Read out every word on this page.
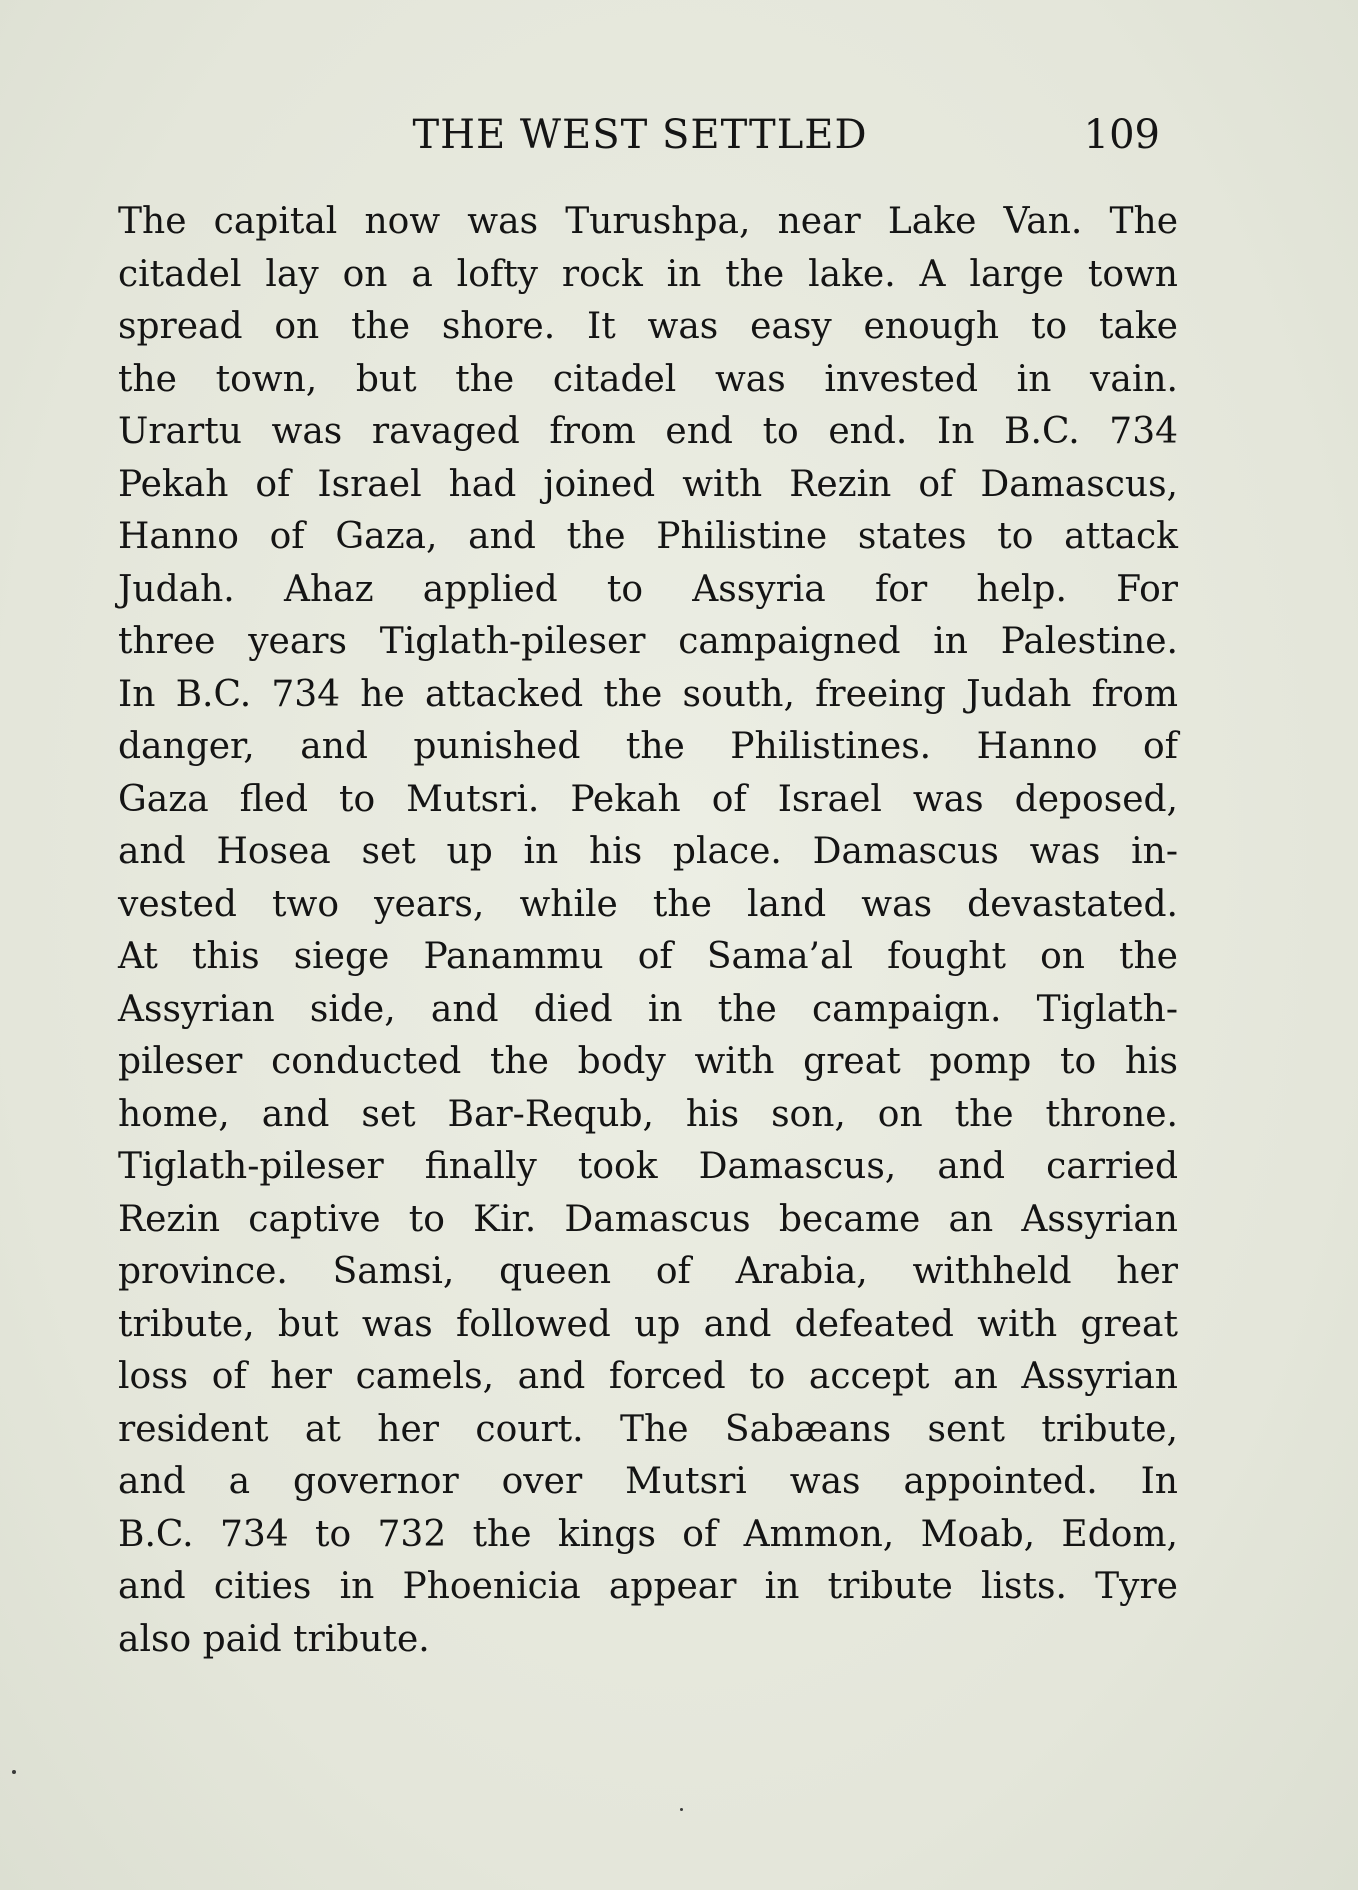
THE WEST SETTLED	109
The capital now was Turushpa, near Lake Van. The
citadel lay on a lofty rock in the lake. A large town
spread on the shore. It was easy enough to take
the town, but the citadel was invested in vain.
Urartu was ravaged from end to end. In B.C. 734
Pekah of Israel had joined with Rezin of Damascus,
Hanno of Gaza, and the Philistine states to attack
Judah. Ahaz applied to Assyria for help. For
three years Tiglath-pileser campaigned in Palestine.
In B.C. 734 he attacked the south, freeing Judah from
danger, and punished the Philistines. Hanno of
Gaza fled to Mutsri. Pekah of Israel was deposed,
and Hosea set up in his place. Damascus was in-
vested two years, while the land was devastated.
At this siege Panammu of Sama’al fought on the
Assyrian side, and died in the campaign. Tiglath-
pileser conducted the body with great pomp to his
home, and set Bar-Requb, his son, on the throne.
Tiglath-pileser finally took Damascus, and carried
Rezin captive to Kir. Damascus became an Assyrian
province. Samsi, queen of Arabia, withheld her
tribute, but was followed up and defeated with great
loss of her camels, and forced to accept an Assyrian
resident at her court. The Sabæans sent tribute,
and a governor over Mutsri was appointed. In
B.C. 734 to 732 the kings of Ammon, Moab, Edom,
and cities in Phoenicia appear in tribute lists. Tyre
also paid tribute.
